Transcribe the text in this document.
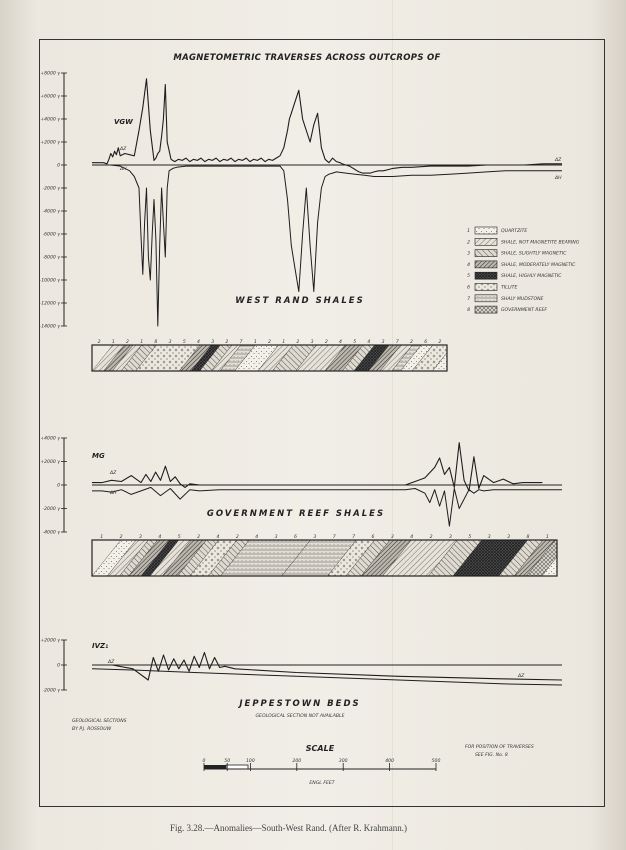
MAGNETOMETRIC TRAVERSES ACROSS OUTCROPS OF
+8000 γ
+6000 γ
+4000 γ
+2000 γ
0
-2000 γ
-4000 γ
-6000 γ
-8000 γ
-10000 γ
-12000 γ
-14000 γ
VGW
ΔZ
ΔZ
ΔH
ΔH
WEST RAND SHALES
+4000 γ
+2000 γ
0
-2000 γ
-4000 γ
MG
ΔZ
ΔH
GOVERNMENT REEF SHALES
+2000 γ
0
-2000 γ
IVZ₁
ΔZ
ΔZ
JEPPESTOWN BEDS
GEOLOGICAL SECTION NOT AVAILABLE
2 1 2 1 8 3 5 4 3 2 7 1 2 1 2 3 2 4 5 4 3 7 2 6 2
1	2	3	4	5	2	4	2	4	3	6	3	7	7	6	3	4	2	3	5	3	3	8	1
1	QUARTZITE
2	SHALE, NOT MAGNETITE BEARING
3	SHALE, SLIGHTLY MAGNETIC
4	SHALE, MODERATELY MAGNETIC
5	SHALE, HIGHLY MAGNETIC
6	TILLITE
7	SHALY MUDSTONE
8	GOVERNMENT REEF
GEOLOGICAL SECTIONS
BY P.J. ROSSOUW
FOR POSITION OF TRAVERSES
SEE FIG. No. 8
SCALE
0	50	100	200	300	400	500
ENGL FEET
Fig. 3.28.—Anomalies—South-West Rand. (After R. Krahmann.)
